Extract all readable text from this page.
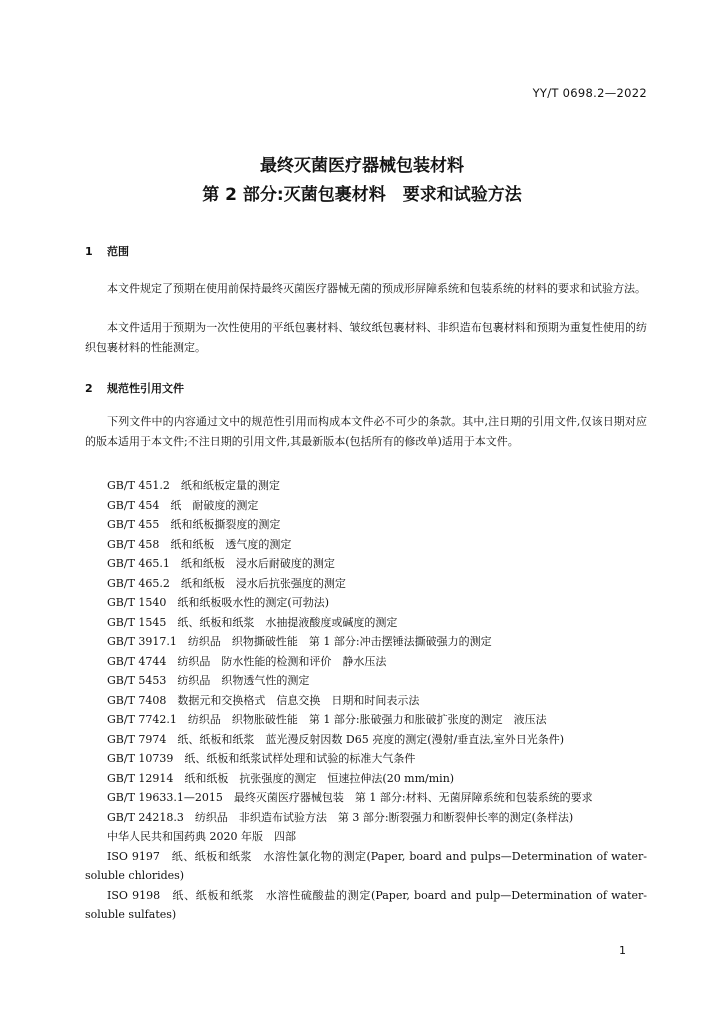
YY/T 0698.2—2022
最终灭菌医疗器械包装材料
第 2 部分:灭菌包裹材料　要求和试验方法
1 范围
本文件规定了预期在使用前保持最终灭菌医疗器械无菌的预成形屏障系统和包装系统的材料的要求和试验方法。
本文件适用于预期为一次性使用的平纸包裹材料、皱纹纸包裹材料、非织造布包裹材料和预期为重复性使用的纺织包裹材料的性能测定。
2 规范性引用文件
下列文件中的内容通过文中的规范性引用而构成本文件必不可少的条款。其中,注日期的引用文件,仅该日期对应的版本适用于本文件;不注日期的引用文件,其最新版本(包括所有的修改单)适用于本文件。

GB/T 451.2　纸和纸板定量的测定

GB/T 454　纸　耐破度的测定

GB/T 455　纸和纸板撕裂度的测定

GB/T 458　纸和纸板　透气度的测定

GB/T 465.1　纸和纸板　浸水后耐破度的测定

GB/T 465.2　纸和纸板　浸水后抗张强度的测定

GB/T 1540　纸和纸板吸水性的测定(可勃法)

GB/T 1545　纸、纸板和纸浆　水抽提液酸度或碱度的测定

GB/T 3917.1　纺织品　织物撕破性能　第 1 部分:冲击摆锤法撕破强力的测定

GB/T 4744　纺织品　防水性能的检测和评价　静水压法

GB/T 5453　纺织品　织物透气性的测定

GB/T 7408　数据元和交换格式　信息交换　日期和时间表示法

GB/T 7742.1　纺织品　织物胀破性能　第 1 部分:胀破强力和胀破扩张度的测定　液压法

GB/T 7974　纸、纸板和纸浆　蓝光漫反射因数 D65 亮度的测定(漫射/垂直法,室外日光条件)

GB/T 10739　纸、纸板和纸浆试样处理和试验的标准大气条件

GB/T 12914　纸和纸板　抗张强度的测定　恒速拉伸法(20 mm/min)

GB/T 19633.1—2015　最终灭菌医疗器械包装　第 1 部分:材料、无菌屏障系统和包装系统的要求

GB/T 24218.3　纺织品　非织造布试验方法　第 3 部分:断裂强力和断裂伸长率的测定(条样法)

中华人民共和国药典 2020 年版　四部

ISO 9197　纸、纸板和纸浆　水溶性氯化物的测定(Paper, board and pulps—Determination of water-soluble chlorides)

ISO 9198　纸、纸板和纸浆　水溶性硫酸盐的测定(Paper, board and pulp—Determination of water-soluble sulfates)

1
